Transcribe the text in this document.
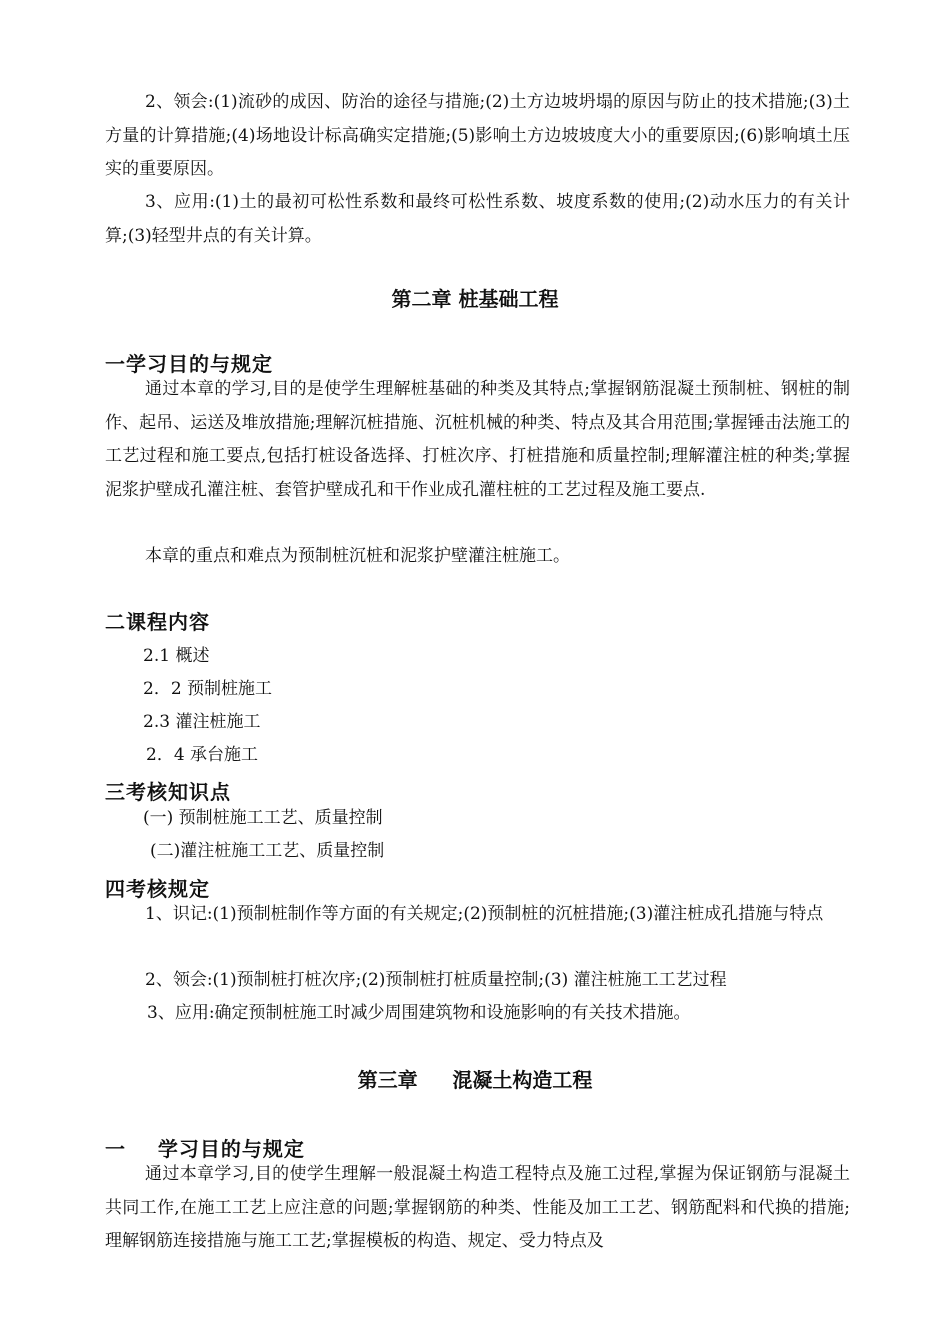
2、领会:(1)流砂的成因、防治的途径与措施;(2)土方边坡坍塌的原因与防止的技术措施;(3)土方量的计算措施;(4)场地设计标高确实定措施;(5)影响土方边坡坡度大小的重要原因;(6)影响填土压实的重要原因。
3、应用:(1)土的最初可松性系数和最终可松性系数、坡度系数的使用;(2)动水压力的有关计算;(3)轻型井点的有关计算。
第二章 桩基础工程
一学习目的与规定
通过本章的学习,目的是使学生理解桩基础的种类及其特点;掌握钢筋混凝土预制桩、钢桩的制作、起吊、运送及堆放措施;理解沉桩措施、沉桩机械的种类、特点及其合用范围;掌握锤击法施工的工艺过程和施工要点,包括打桩设备选择、打桩次序、打桩措施和质量控制;理解灌注桩的种类;掌握泥浆护壁成孔灌注桩、套管护壁成孔和干作业成孔灌柱桩的工艺过程及施工要点.
本章的重点和难点为预制桩沉桩和泥浆护壁灌注桩施工。
二课程内容
2.1 概述
2．2 预制桩施工
2.3 灌注桩施工
2．4 承台施工
三考核知识点
(一) 预制桩施工工艺、质量控制
(二)灌注桩施工工艺、质量控制
四考核规定
1、识记:(1)预制桩制作等方面的有关规定;(2)预制桩的沉桩措施;(3)灌注桩成孔措施与特点
2、领会:(1)预制桩打桩次序;(2)预制桩打桩质量控制;(3) 灌注桩施工工艺过程
3、应用:确定预制桩施工时减少周围建筑物和设施影响的有关技术措施。
第三章     混凝土构造工程
一    学习目的与规定
通过本章学习,目的使学生理解一般混凝土构造工程特点及施工过程,掌握为保证钢筋与混凝土共同工作,在施工工艺上应注意的问题;掌握钢筋的种类、性能及加工工艺、钢筋配料和代换的措施;理解钢筋连接措施与施工工艺;掌握模板的构造、规定、受力特点及
